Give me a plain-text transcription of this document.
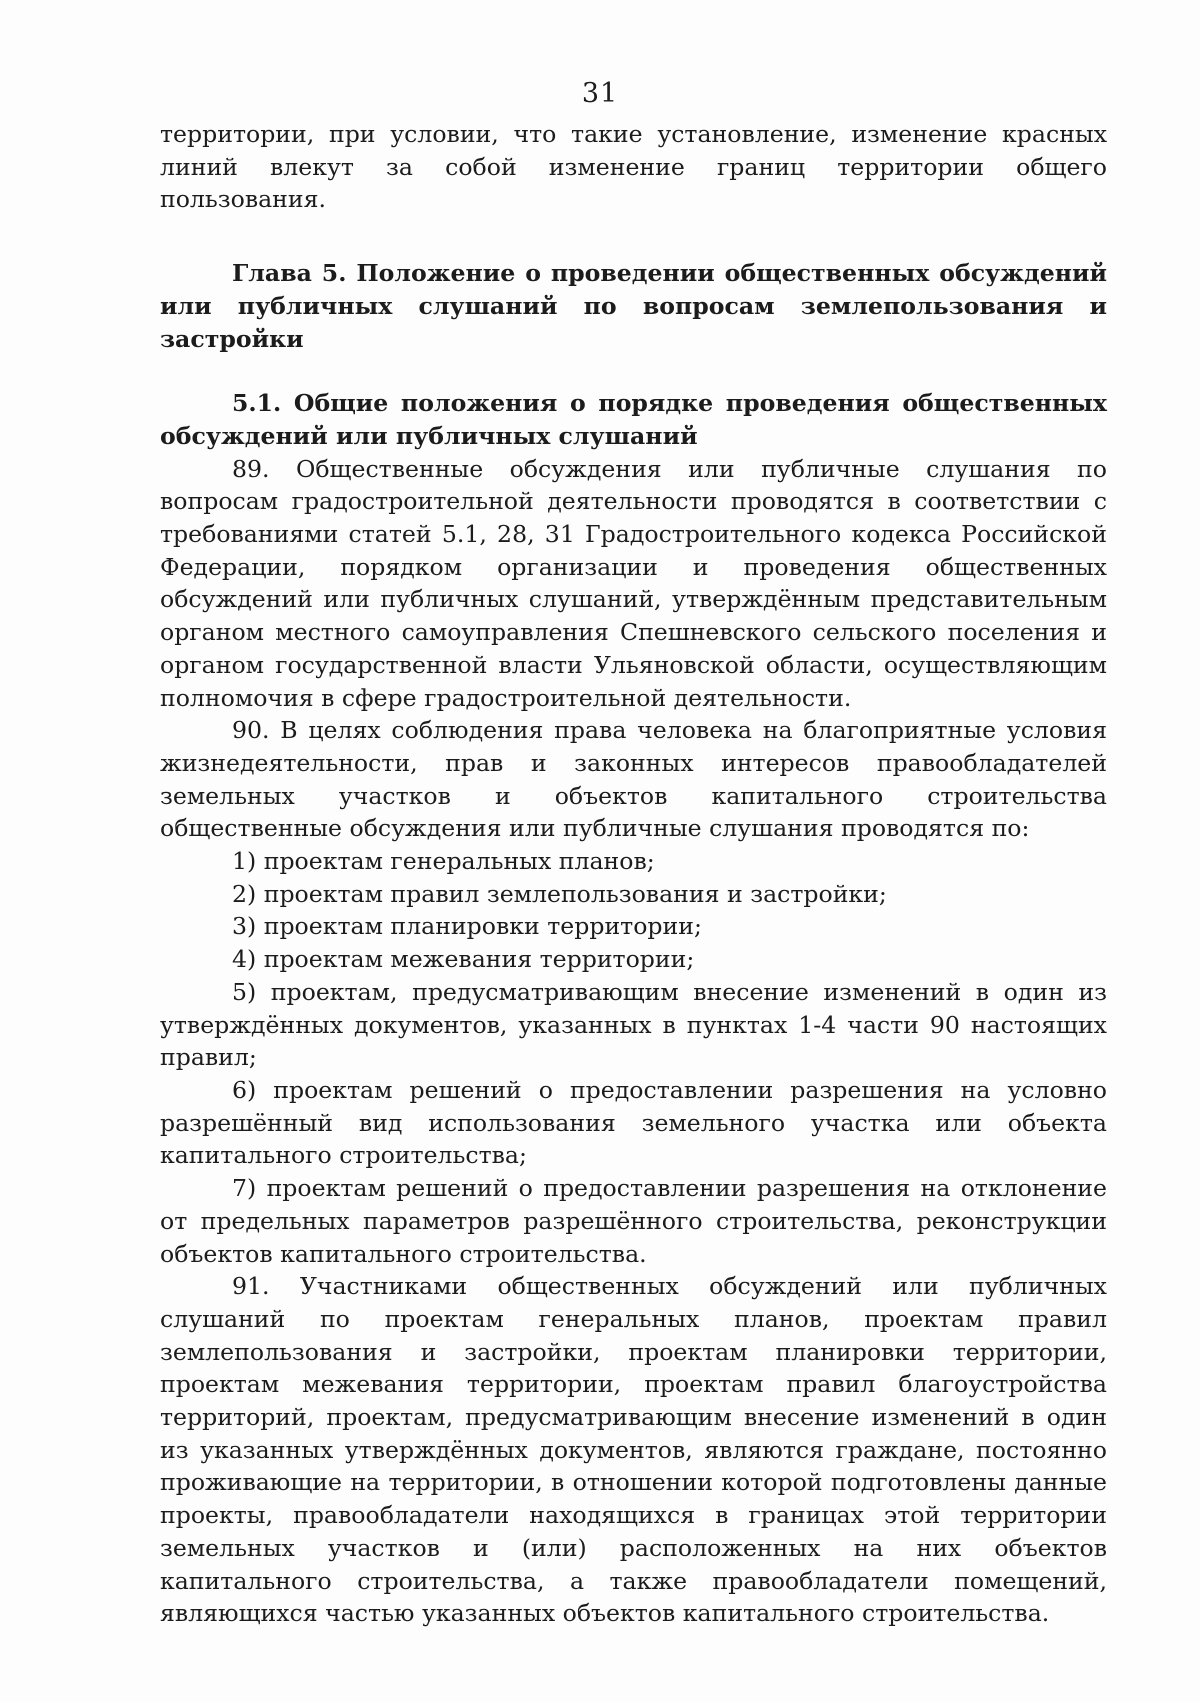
31

территории, при условии, что такие установление, изменение красных линий влекут за собой изменение границ территории общего пользования.

Глава 5. Положение о проведении общественных обсуждений или публичных слушаний по вопросам землепользования и застройки

5.1. Общие положения о порядке проведения общественных обсуждений или публичных слушаний

89. Общественные обсуждения или публичные слушания по вопросам градостроительной деятельности проводятся в соответствии с требованиями статей 5.1, 28, 31 Градостроительного кодекса Российской Федерации, порядком организации и проведения общественных обсуждений или публичных слушаний, утверждённым представительным органом местного самоуправления Спешневского сельского поселения и органом государственной власти Ульяновской области, осуществляющим полномочия в сфере градостроительной деятельности.

90. В целях соблюдения права человека на благоприятные условия жизнедеятельности, прав и законных интересов правообладателей земельных участков и объектов капитального строительства общественные обсуждения или публичные слушания проводятся по:

1) проектам генеральных планов;

2) проектам правил землепользования и застройки;

3) проектам планировки территории;

4) проектам межевания территории;

5) проектам, предусматривающим внесение изменений в один из утверждённых документов, указанных в пунктах 1-4 части 90 настоящих правил;

6) проектам решений о предоставлении разрешения на условно разрешённый вид использования земельного участка или объекта капитального строительства;

7) проектам решений о предоставлении разрешения на отклонение от предельных параметров разрешённого строительства, реконструкции объектов капитального строительства.

91. Участниками общественных обсуждений или публичных слушаний по проектам генеральных планов, проектам правил землепользования и застройки, проектам планировки территории, проектам межевания территории, проектам правил благоустройства территорий, проектам, предусматривающим внесение изменений в один из указанных утверждённых документов, являются граждане, постоянно проживающие на территории, в отношении которой подготовлены данные проекты, правообладатели находящихся в границах этой территории земельных участков и (или) расположенных на них объектов капитального строительства, а также правообладатели помещений, являющихся частью указанных объектов капитального строительства.
